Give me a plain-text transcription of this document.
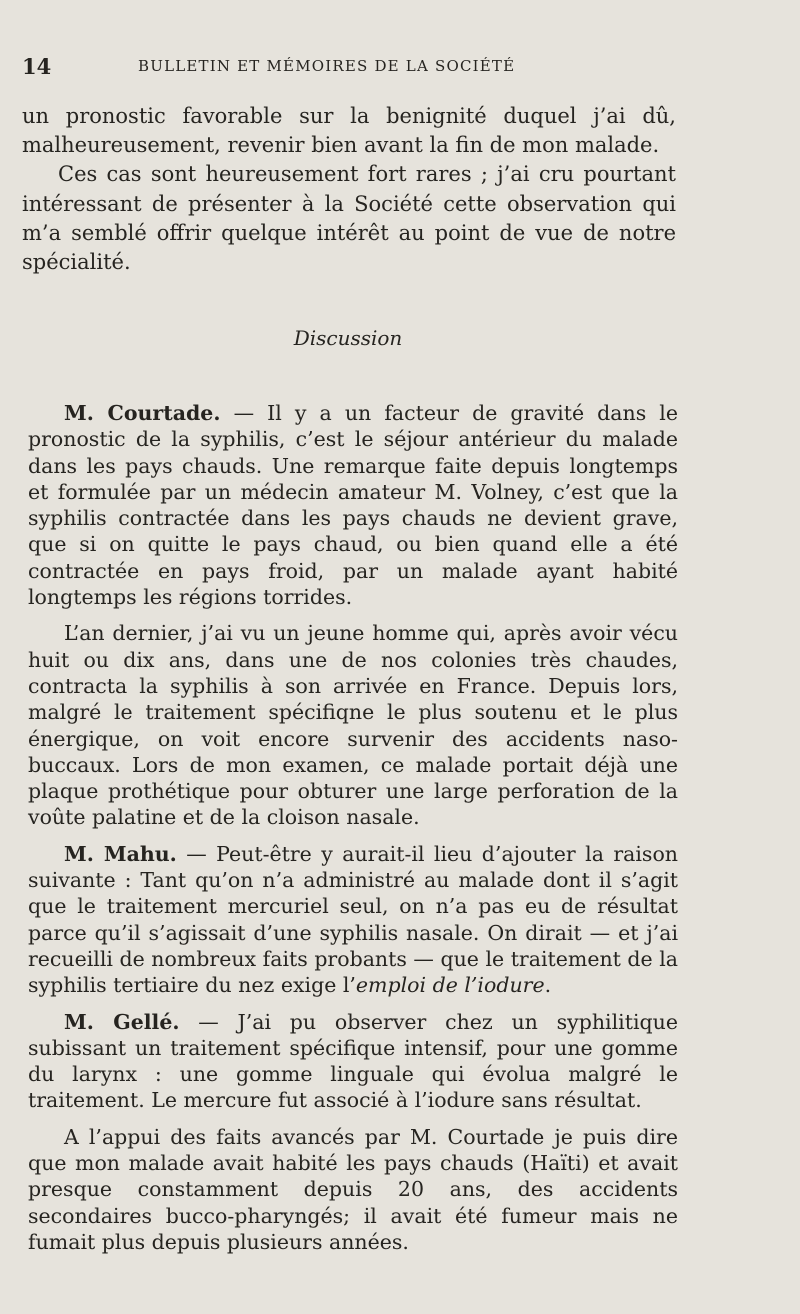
14	BULLETIN ET MÉMOIRES DE LA SOCIÉTÉ

un pronostic favorable sur la benignité duquel j’ai dû, malheureusement, revenir bien avant la fin de mon malade.

Ces cas sont heureusement fort rares ; j’ai cru pourtant intéressant de présenter à la Société cette observation qui m’a semblé offrir quelque intérêt au point de vue de notre spécialité.

Discussion

M. Courtade. — Il y a un facteur de gravité dans le pronostic de la syphilis, c’est le séjour antérieur du malade dans les pays chauds. Une remarque faite depuis longtemps et formulée par un médecin amateur M. Volney, c’est que la syphilis contractée dans les pays chauds ne devient grave, que si on quitte le pays chaud, ou bien quand elle a été contractée en pays froid, par un malade ayant habité longtemps les régions torrides.

L’an dernier, j’ai vu un jeune homme qui, après avoir vécu huit ou dix ans, dans une de nos colonies très chaudes, contracta la syphilis à son arrivée en France. Depuis lors, malgré le traitement spécifiqne le plus soutenu et le plus énergique, on voit encore survenir des accidents naso-buccaux. Lors de mon examen, ce malade portait déjà une plaque prothétique pour obturer une large perforation de la voûte palatine et de la cloison nasale.

M. Mahu. — Peut-être y aurait-il lieu d’ajouter la raison suivante : Tant qu’on n’a administré au malade dont il s’agit que le traitement mercuriel seul, on n’a pas eu de résultat parce qu’il s’agissait d’une syphilis nasale. On dirait — et j’ai recueilli de nombreux faits probants — que le traitement de la syphilis tertiaire du nez exige l’emploi de l’iodure.

M. Gellé. — J’ai pu observer chez un syphilitique subissant un traitement spécifique intensif, pour une gomme du larynx : une gomme linguale qui évolua malgré le traitement. Le mercure fut associé à l’iodure sans résultat.

A l’appui des faits avancés par M. Courtade je puis dire que mon malade avait habité les pays chauds (Haïti) et avait presque constamment depuis 20 ans, des accidents secondaires bucco-pharyngés; il avait été fumeur mais ne fumait plus depuis plusieurs années.
